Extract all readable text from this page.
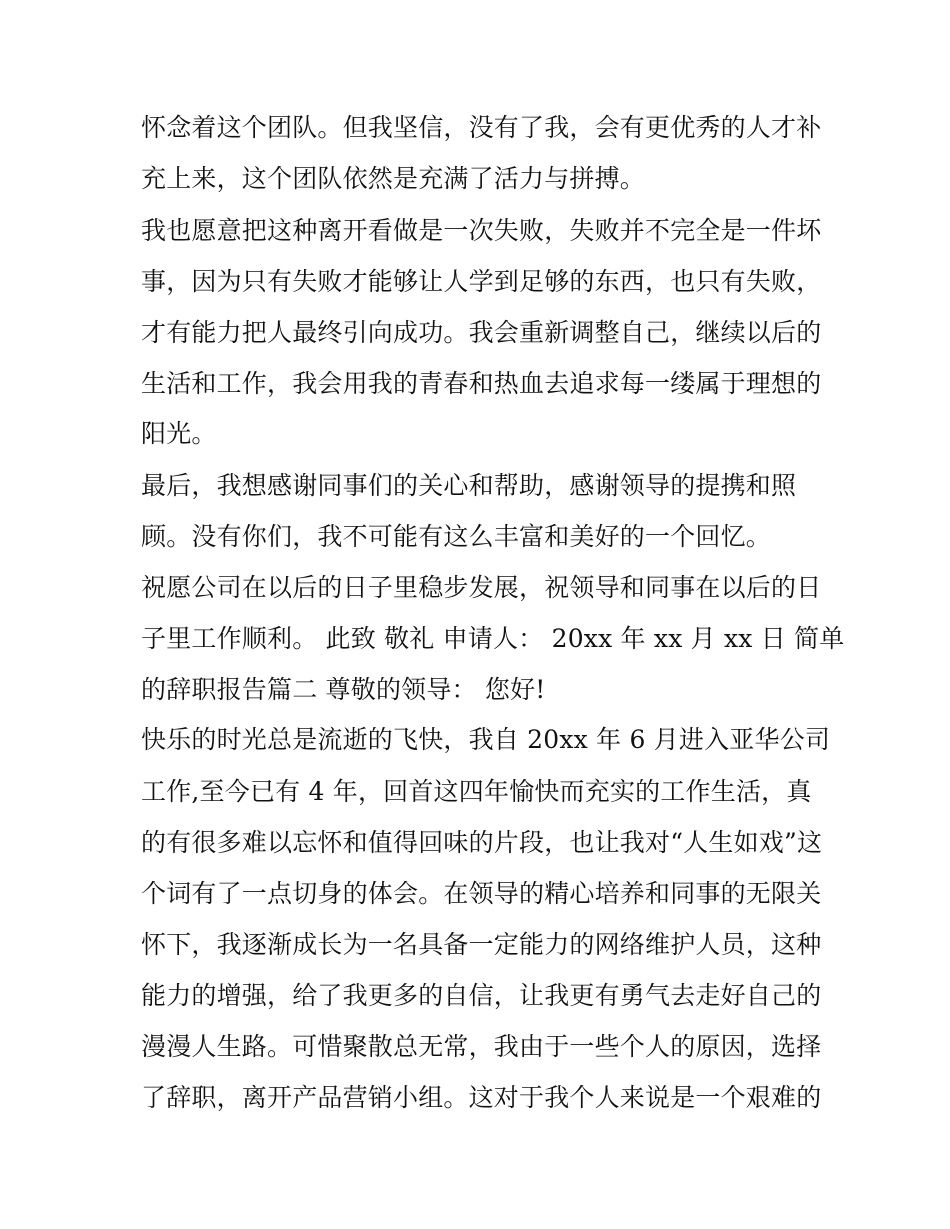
怀念着这个团队。但我坚信，没有了我，会有更优秀的人才补
充上来，这个团队依然是充满了活力与拼搏。
我也愿意把这种离开看做是一次失败，失败并不完全是一件坏
事，因为只有失败才能够让人学到足够的东西，也只有失败，
才有能力把人最终引向成功。我会重新调整自己，继续以后的
生活和工作，我会用我的青春和热血去追求每一缕属于理想的
阳光。
最后，我想感谢同事们的关心和帮助，感谢领导的提携和照
顾。没有你们，我不可能有这么丰富和美好的一个回忆。
祝愿公司在以后的日子里稳步发展，祝领导和同事在以后的日
子里工作顺利。 此致 敬礼 申请人： 20xx 年 xx 月 xx 日 简单
的辞职报告篇二 尊敬的领导： 您好!
快乐的时光总是流逝的飞快，我自 20xx 年 6 月进入亚华公司
工作,至今已有 4 年，回首这四年愉快而充实的工作生活，真
的有很多难以忘怀和值得回味的片段，也让我对“人生如戏”这
个词有了一点切身的体会。在领导的精心培养和同事的无限关
怀下，我逐渐成长为一名具备一定能力的网络维护人员，这种
能力的增强，给了我更多的自信，让我更有勇气去走好自己的
漫漫人生路。可惜聚散总无常，我由于一些个人的原因，选择
了辞职，离开产品营销小组。这对于我个人来说是一个艰难的
